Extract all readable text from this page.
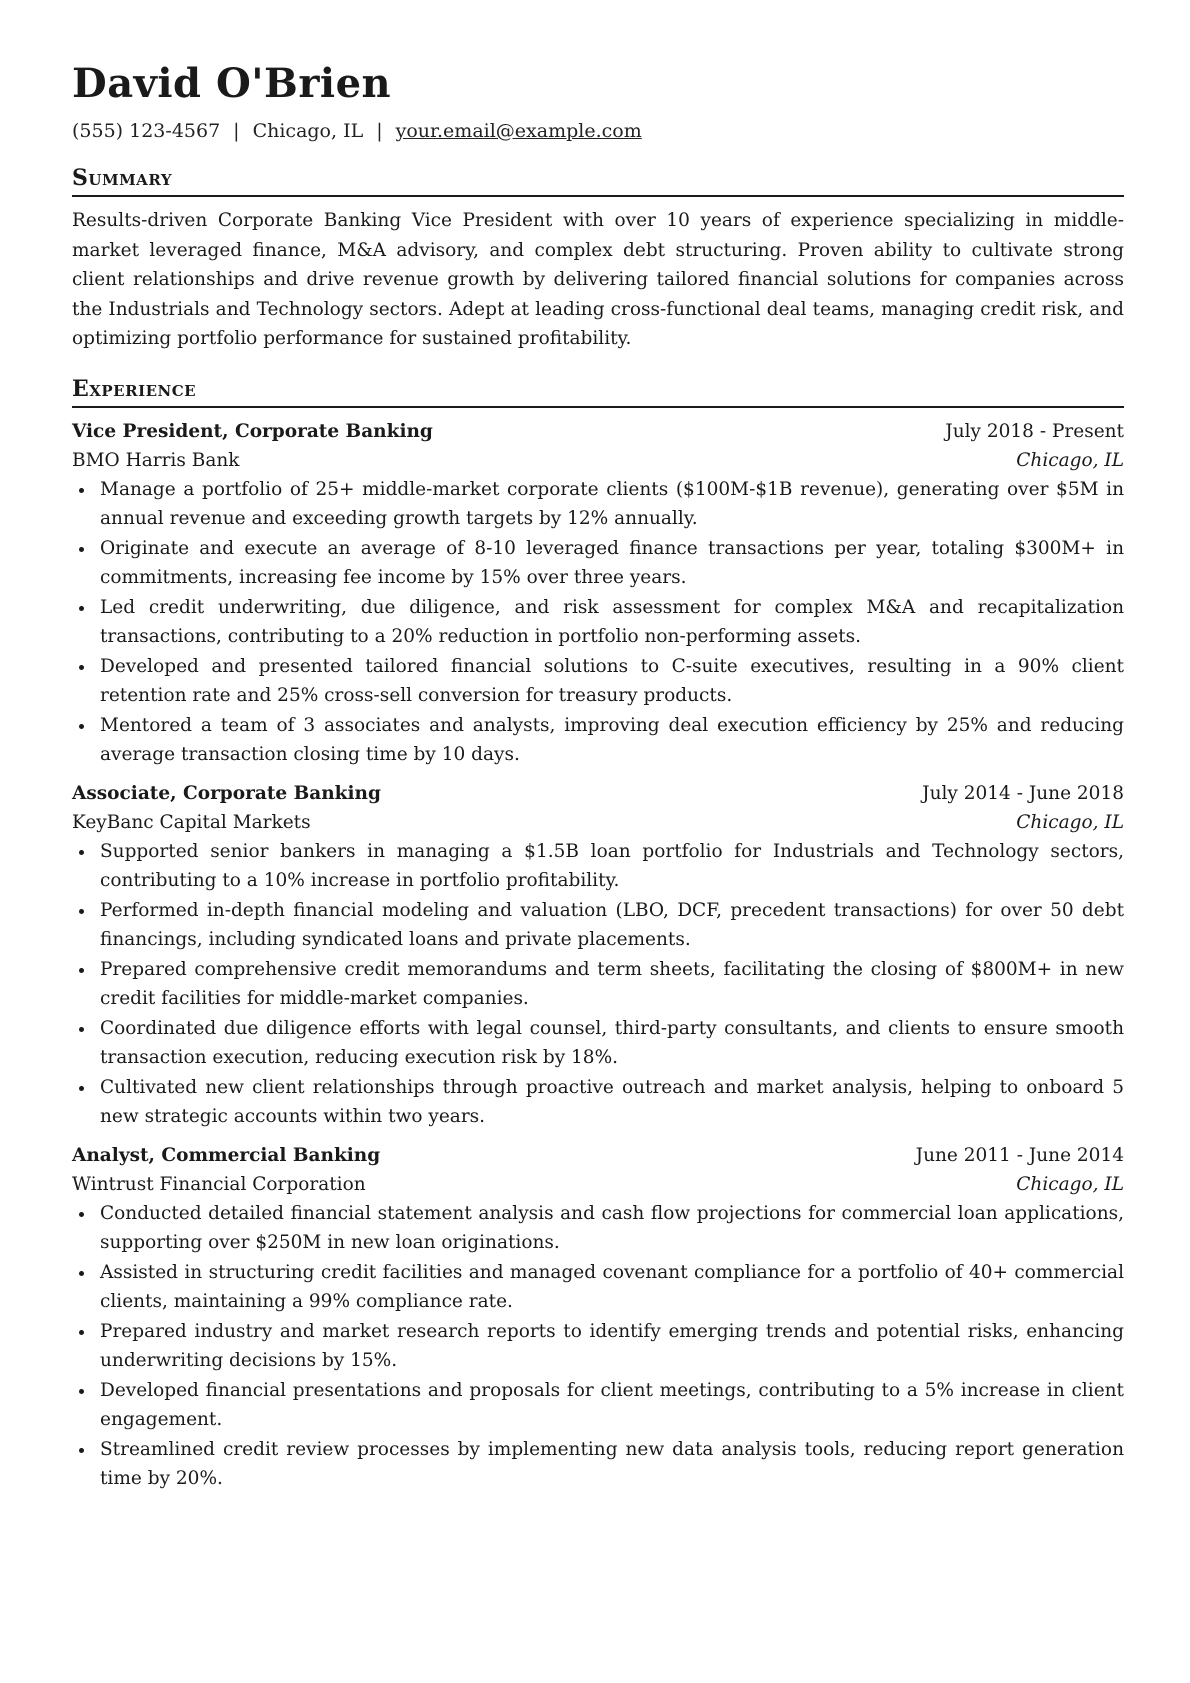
David O'Brien
(555) 123-4567 | Chicago, IL | your.email@example.com
Summary
Results-driven Corporate Banking Vice President with over 10 years of experience specializing in middle-market leveraged finance, M&A advisory, and complex debt structuring. Proven ability to cultivate strong client relationships and drive revenue growth by delivering tailored financial solutions for companies across the Industrials and Technology sectors. Adept at leading cross-functional deal teams, managing credit risk, and optimizing portfolio performance for sustained profitability.
Experience
Vice President, Corporate Banking	July 2018 - Present
BMO Harris Bank	Chicago, IL
Manage a portfolio of 25+ middle-market corporate clients ($100M-$1B revenue), generating over $5M in annual revenue and exceeding growth targets by 12% annually.
Originate and execute an average of 8-10 leveraged finance transactions per year, totaling $300M+ in commitments, increasing fee income by 15% over three years.
Led credit underwriting, due diligence, and risk assessment for complex M&A and recapitalization transactions, contributing to a 20% reduction in portfolio non-performing assets.
Developed and presented tailored financial solutions to C-suite executives, resulting in a 90% client retention rate and 25% cross-sell conversion for treasury products.
Mentored a team of 3 associates and analysts, improving deal execution efficiency by 25% and reducing average transaction closing time by 10 days.
Associate, Corporate Banking	July 2014 - June 2018
KeyBanc Capital Markets	Chicago, IL
Supported senior bankers in managing a $1.5B loan portfolio for Industrials and Technology sectors, contributing to a 10% increase in portfolio profitability.
Performed in-depth financial modeling and valuation (LBO, DCF, precedent transactions) for over 50 debt financings, including syndicated loans and private placements.
Prepared comprehensive credit memorandums and term sheets, facilitating the closing of $800M+ in new credit facilities for middle-market companies.
Coordinated due diligence efforts with legal counsel, third-party consultants, and clients to ensure smooth transaction execution, reducing execution risk by 18%.
Cultivated new client relationships through proactive outreach and market analysis, helping to onboard 5 new strategic accounts within two years.
Analyst, Commercial Banking	June 2011 - June 2014
Wintrust Financial Corporation	Chicago, IL
Conducted detailed financial statement analysis and cash flow projections for commercial loan applications, supporting over $250M in new loan originations.
Assisted in structuring credit facilities and managed covenant compliance for a portfolio of 40+ commercial clients, maintaining a 99% compliance rate.
Prepared industry and market research reports to identify emerging trends and potential risks, enhancing underwriting decisions by 15%.
Developed financial presentations and proposals for client meetings, contributing to a 5% increase in client engagement.
Streamlined credit review processes by implementing new data analysis tools, reducing report generation time by 20%.
